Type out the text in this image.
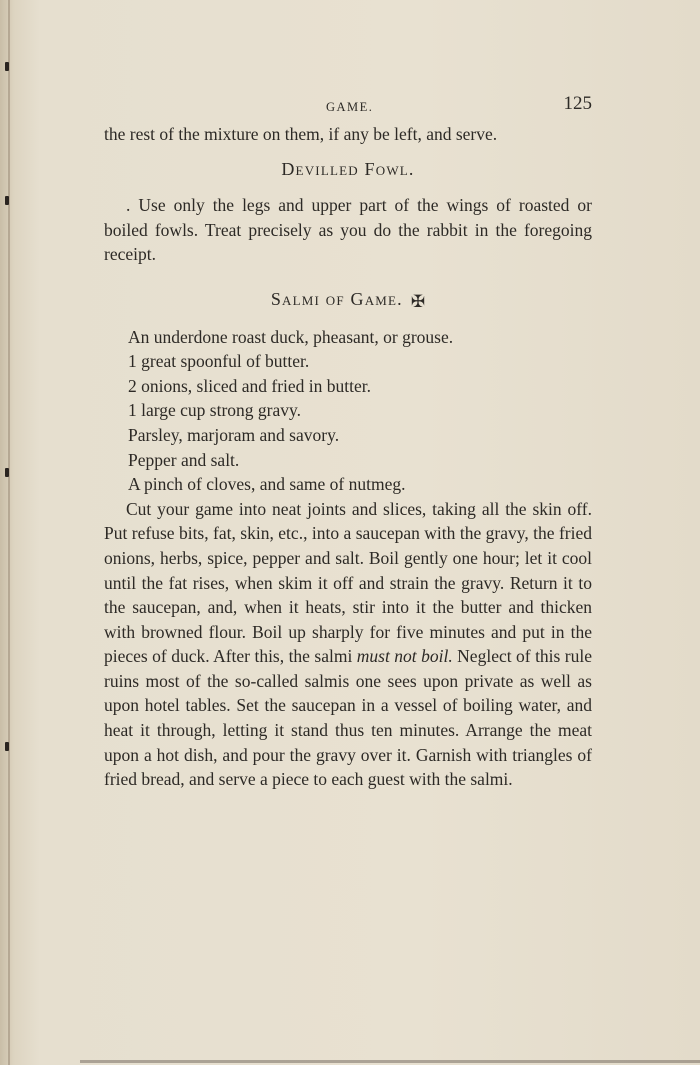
GAME.	125

the rest of the mixture on them, if any be left, and serve.

Devilled Fowl.

. Use only the legs and upper part of the wings of roasted or boiled fowls. Treat precisely as you do the rabbit in the foregoing receipt.

Salmi of Game. ✠

An underdone roast duck, pheasant, or grouse.

1 great spoonful of butter.

2 onions, sliced and fried in butter.

1 large cup strong gravy.

Parsley, marjoram and savory.

Pepper and salt.

A pinch of cloves, and same of nutmeg.

Cut your game into neat joints and slices, taking all the skin off. Put refuse bits, fat, skin, etc., into a saucepan with the gravy, the fried onions, herbs, spice, pepper and salt. Boil gently one hour; let it cool until the fat rises, when skim it off and strain the gravy. Return it to the saucepan, and, when it heats, stir into it the butter and thicken with browned flour. Boil up sharply for five minutes and put in the pieces of duck. After this, the salmi must not boil. Neglect of this rule ruins most of the so-called salmis one sees upon private as well as upon hotel tables. Set the saucepan in a vessel of boiling water, and heat it through, letting it stand thus ten minutes. Arrange the meat upon a hot dish, and pour the gravy over it. Garnish with triangles of fried bread, and serve a piece to each guest with the salmi.
